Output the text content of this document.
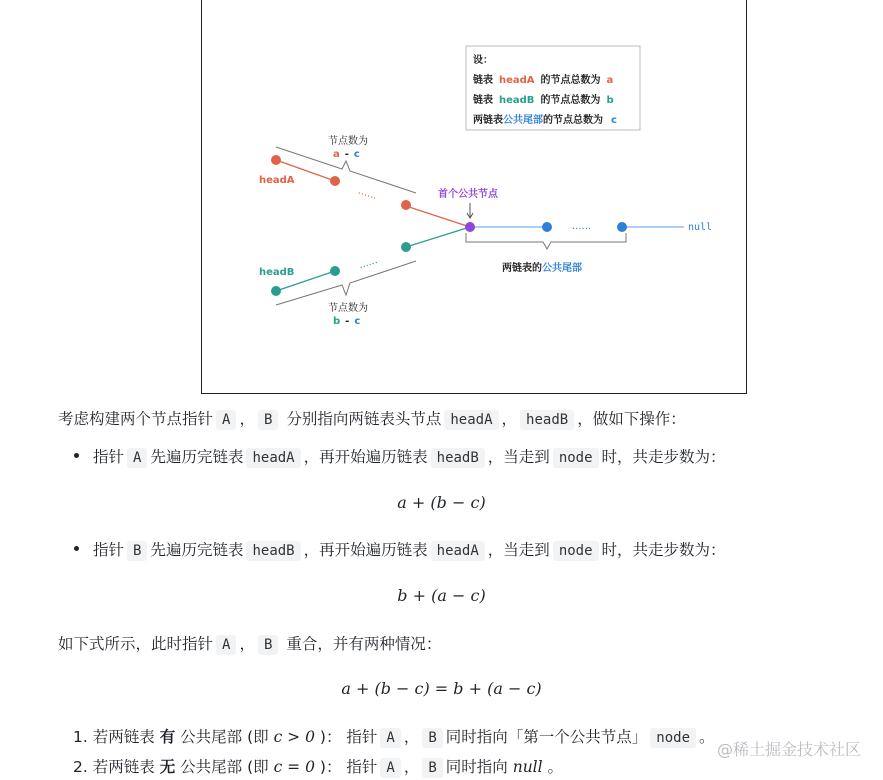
设：
链表 headA 的节点总数为 a
链表 headB 的节点总数为 b
两链表公共尾部的节点总数为 c
节点数为
a - c
......
headA
......
headB
节点数为
b - c
首个公共节点
......	null
两链表的公共尾部
考虑构建两个节点指针 A ， B 分别指向两链表头节点 headA ， headB ，做如下操作：
指针 A 先遍历完链表 headA ，再开始遍历链表 headB ，当走到 node 时，共走步数为：
a + (b − c)
指针 B 先遍历完链表 headB ，再开始遍历链表 headA ，当走到 node 时，共走步数为：
b + (a − c)
如下式所示，此时指针 A ， B 重合，并有两种情况：
a + (b − c) = b + (a − c)
1. 若两链表 有 公共尾部 (即 c > 0 )： 指针 A ， B 同时指向「第一个公共节点」 node 。
2. 若两链表 无 公共尾部 (即 c = 0 )： 指针 A ， B 同时指向 null 。
@稀土掘金技术社区
